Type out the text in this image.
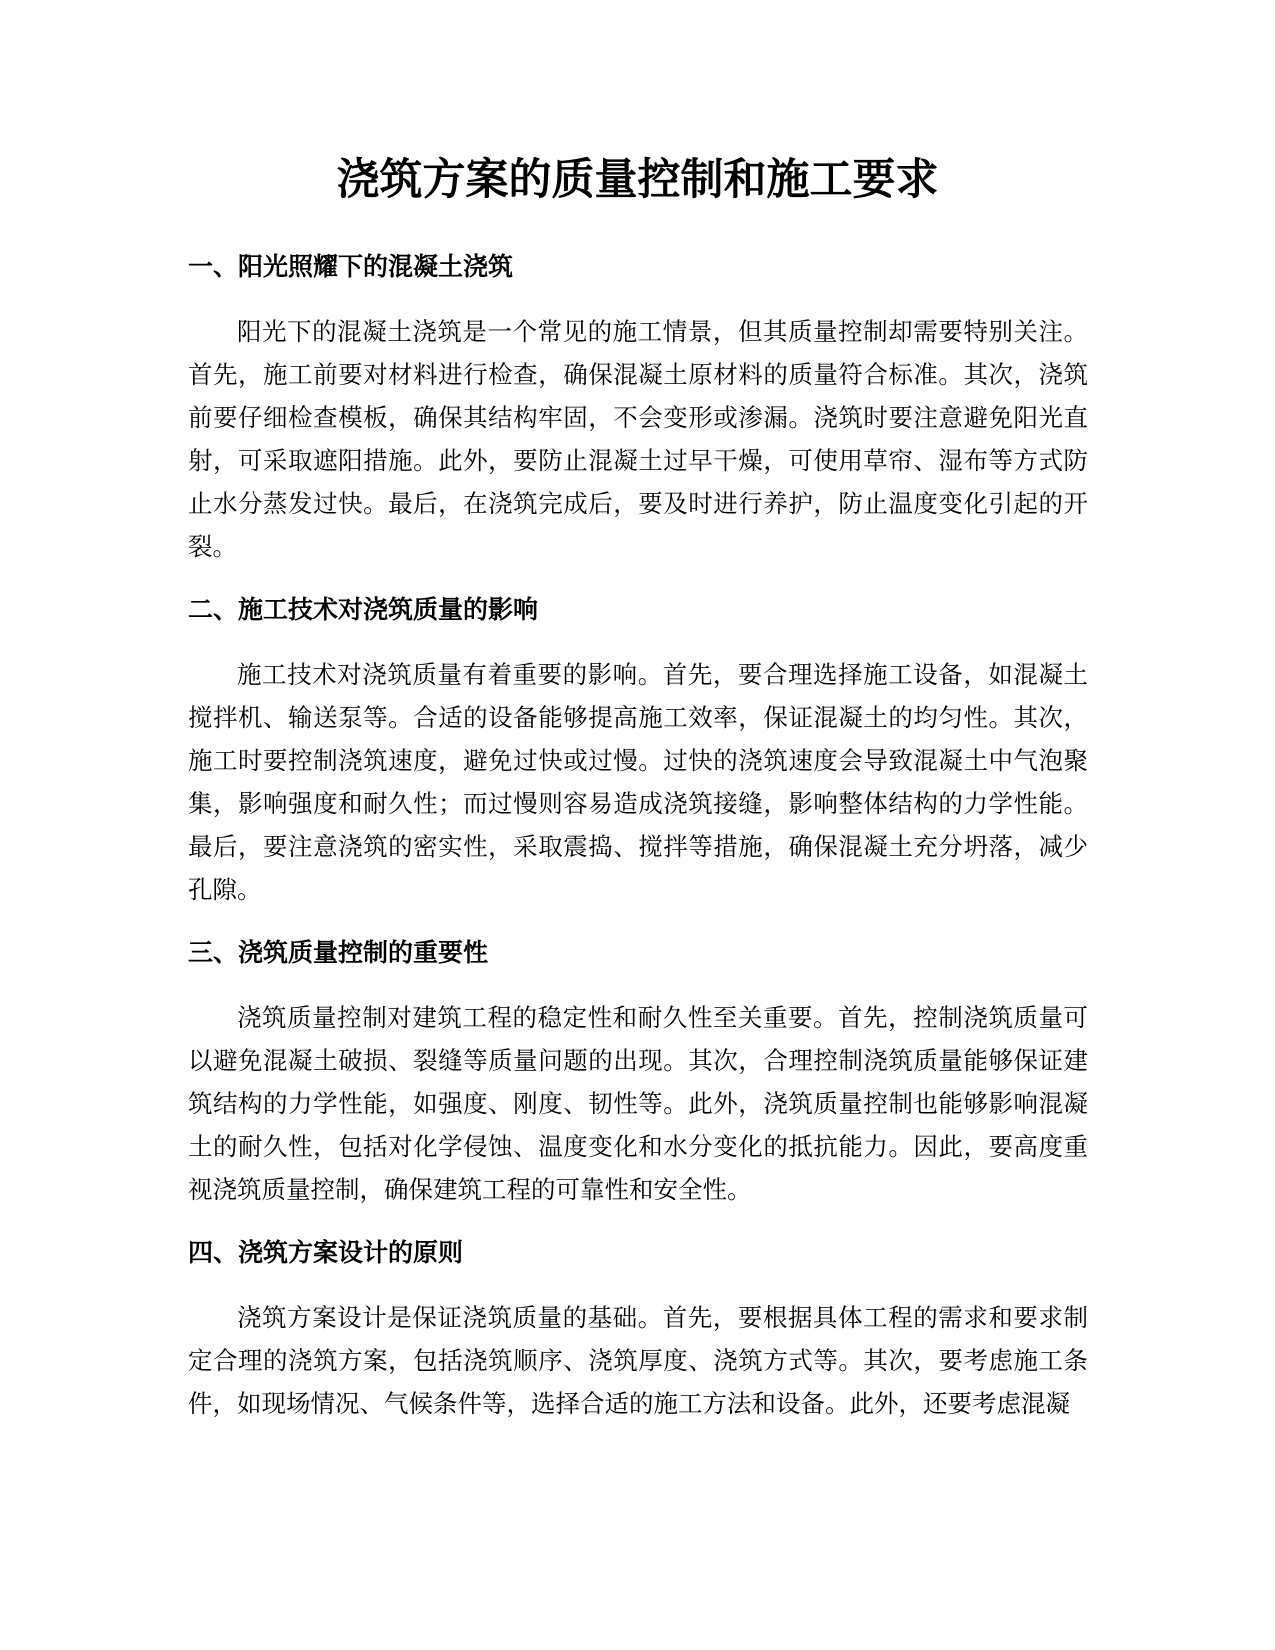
浇筑方案的质量控制和施工要求
一、阳光照耀下的混凝土浇筑

阳光下的混凝土浇筑是一个常见的施工情景，但其质量控制却需要特别关注。首先，施工前要对材料进行检查，确保混凝土原材料的质量符合标准。其次，浇筑前要仔细检查模板，确保其结构牢固，不会变形或渗漏。浇筑时要注意避免阳光直射，可采取遮阳措施。此外，要防止混凝土过早干燥，可使用草帘、湿布等方式防止水分蒸发过快。最后，在浇筑完成后，要及时进行养护，防止温度变化引起的开裂。

二、施工技术对浇筑质量的影响

施工技术对浇筑质量有着重要的影响。首先，要合理选择施工设备，如混凝土搅拌机、输送泵等。合适的设备能够提高施工效率，保证混凝土的均匀性。其次，施工时要控制浇筑速度，避免过快或过慢。过快的浇筑速度会导致混凝土中气泡聚集，影响强度和耐久性；而过慢则容易造成浇筑接缝，影响整体结构的力学性能。最后，要注意浇筑的密实性，采取震捣、搅拌等措施，确保混凝土充分坍落，减少孔隙。

三、浇筑质量控制的重要性

浇筑质量控制对建筑工程的稳定性和耐久性至关重要。首先，控制浇筑质量可以避免混凝土破损、裂缝等质量问题的出现。其次，合理控制浇筑质量能够保证建筑结构的力学性能，如强度、刚度、韧性等。此外，浇筑质量控制也能够影响混凝土的耐久性，包括对化学侵蚀、温度变化和水分变化的抵抗能力。因此，要高度重视浇筑质量控制，确保建筑工程的可靠性和安全性。

四、浇筑方案设计的原则

浇筑方案设计是保证浇筑质量的基础。首先，要根据具体工程的需求和要求制定合理的浇筑方案，包括浇筑顺序、浇筑厚度、浇筑方式等。其次，要考虑施工条件，如现场情况、气候条件等，选择合适的施工方法和设备。此外，还要考虑混凝
